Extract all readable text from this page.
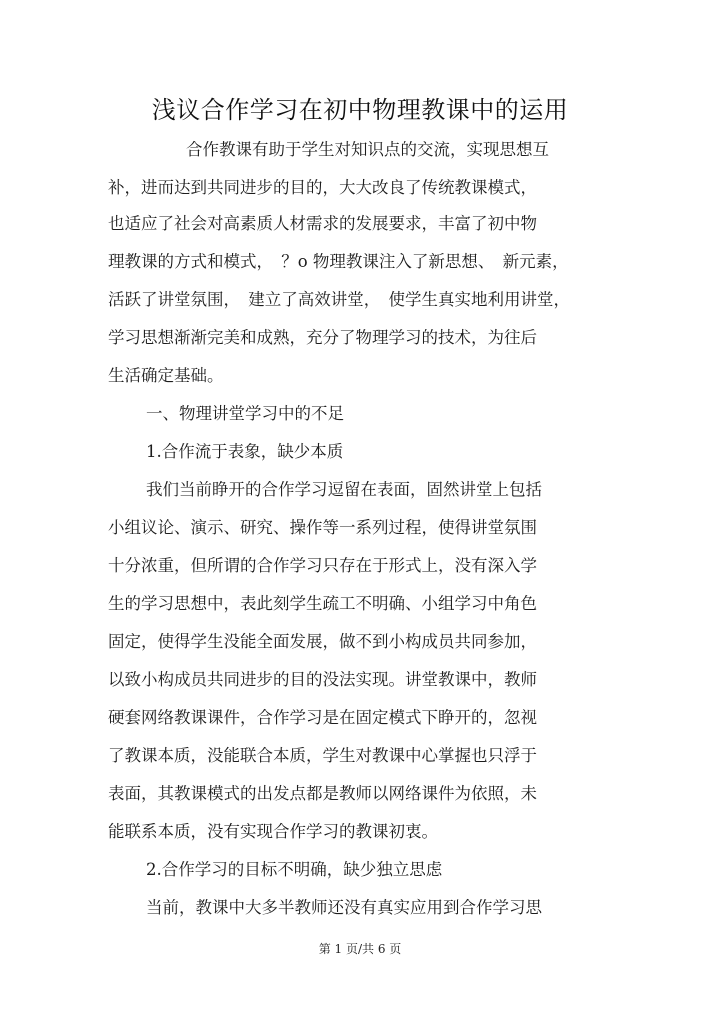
浅议合作学习在初中物理教课中的运用
合作教课有助于学生对知识点的交流，实现思想互
补，进而达到共同进步的目的，大大改良了传统教课模式，
也适应了社会对高素质人材需求的发展要求，丰富了初中物
理教课的方式和模式，　？o 物理教课注入了新思想、　新元素，
活跃了讲堂氛围，　建立了高效讲堂，　使学生真实地利用讲堂，
学习思想渐渐完美和成熟，充分了物理学习的技术，为往后
生活确定基础。
一、物理讲堂学习中的不足
1.合作流于表象，缺少本质
我们当前睁开的合作学习逗留在表面，固然讲堂上包括
小组议论、演示、研究、操作等一系列过程，使得讲堂氛围
十分浓重，但所谓的合作学习只存在于形式上，没有深入学
生的学习思想中，表此刻学生疏工不明确、小组学习中角色
固定，使得学生没能全面发展，做不到小构成员共同参加，
以致小构成员共同进步的目的没法实现。讲堂教课中，教师
硬套网络教课课件，合作学习是在固定模式下睁开的，忽视
了教课本质，没能联合本质，学生对教课中心掌握也只浮于
表面，其教课模式的出发点都是教师以网络课件为依照，未
能联系本质，没有实现合作学习的教课初衷。
2.合作学习的目标不明确，缺少独立思虑
当前，教课中大多半教师还没有真实应用到合作学习思
第 1 页/共 6 页
